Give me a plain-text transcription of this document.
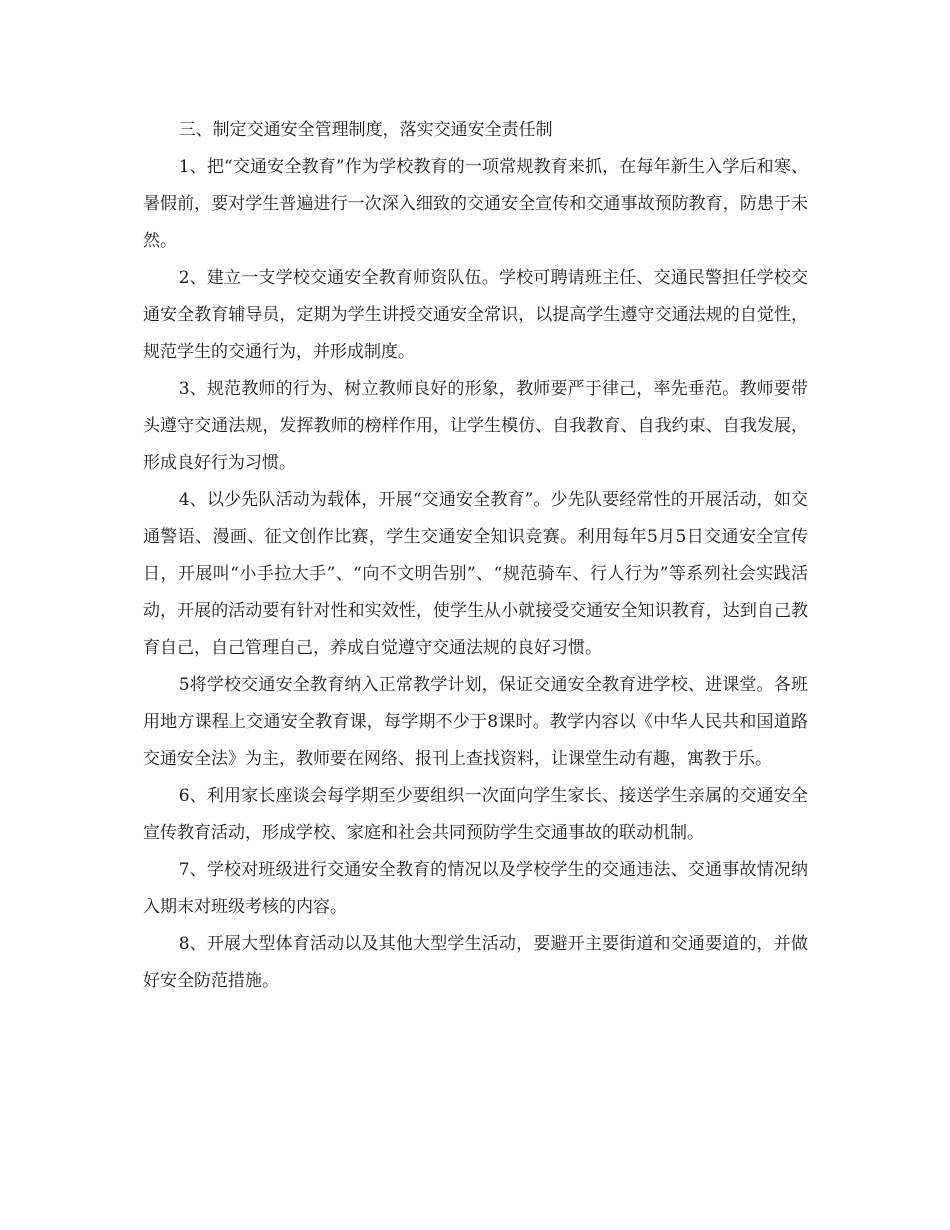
三、制定交通安全管理制度，落实交通安全责任制

1、把“交通安全教育”作为学校教育的一项常规教育来抓，在每年新生入学后和寒、暑假前，要对学生普遍进行一次深入细致的交通安全宣传和交通事故预防教育，防患于未然。

2、建立一支学校交通安全教育师资队伍。学校可聘请班主任、交通民警担任学校交通安全教育辅导员，定期为学生讲授交通安全常识，以提高学生遵守交通法规的自觉性，规范学生的交通行为，并形成制度。

3、规范教师的行为、树立教师良好的形象，教师要严于律己，率先垂范。教师要带头遵守交通法规，发挥教师的榜样作用，让学生模仿、自我教育、自我约束、自我发展，形成良好行为习惯。

4、以少先队活动为载体，开展“交通安全教育”。少先队要经常性的开展活动，如交通警语、漫画、征文创作比赛，学生交通安全知识竞赛。利用每年5月5日交通安全宣传日，开展叫“小手拉大手”、“向不文明告别”、“规范骑车、行人行为”等系列社会实践活动，开展的活动要有针对性和实效性，使学生从小就接受交通安全知识教育，达到自己教育自己，自己管理自己，养成自觉遵守交通法规的良好习惯。

5将学校交通安全教育纳入正常教学计划，保证交通安全教育进学校、进课堂。各班用地方课程上交通安全教育课，每学期不少于8课时。教学内容以《中华人民共和国道路交通安全法》为主，教师要在网络、报刊上查找资料，让课堂生动有趣，寓教于乐。

6、利用家长座谈会每学期至少要组织一次面向学生家长、接送学生亲属的交通安全宣传教育活动，形成学校、家庭和社会共同预防学生交通事故的联动机制。

7、学校对班级进行交通安全教育的情况以及学校学生的交通违法、交通事故情况纳入期末对班级考核的内容。

8、开展大型体育活动以及其他大型学生活动，要避开主要街道和交通要道的，并做好安全防范措施。
